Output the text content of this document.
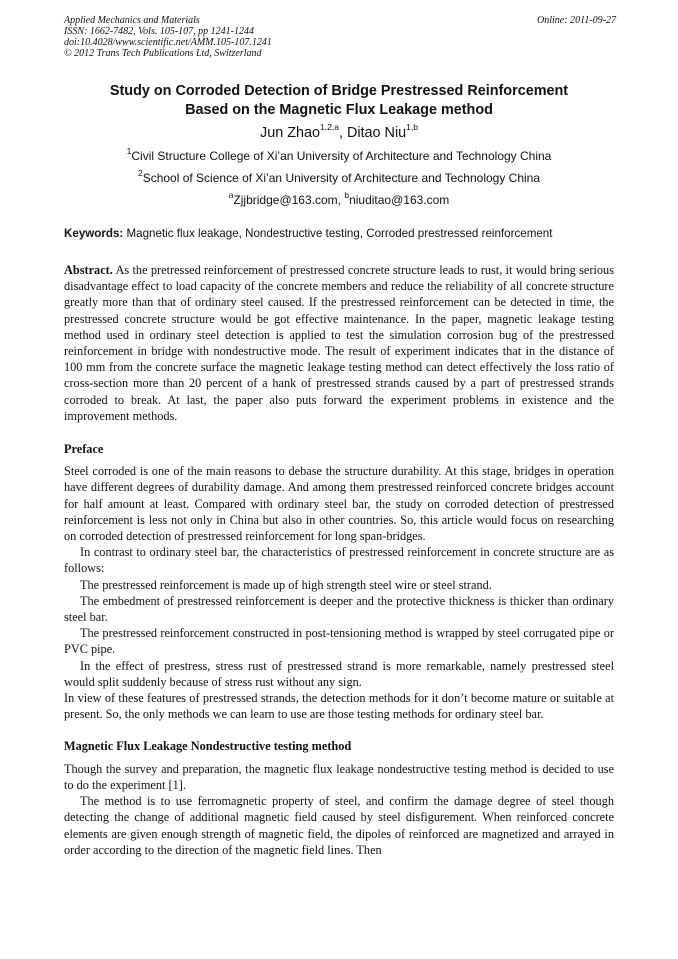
Applied Mechanics and Materials
ISSN: 1662-7482, Vols. 105-107, pp 1241-1244
doi:10.4028/www.scientific.net/AMM.105-107.1241
© 2012 Trans Tech Publications Ltd, Switzerland
Online: 2011-09-27
Study on Corroded Detection of Bridge Prestressed Reinforcement
Based on the Magnetic Flux Leakage method
Jun Zhao$^{1,2,a}$, Ditao Niu$^{1,b}$
$^1$Civil Structure College of Xi’an University of Architecture and Technology China
$^2$School of Science of Xi’an University of Architecture and Technology China
$^a$Zjjbridge@163.com, $^b$niuditao@163.com
Keywords: Magnetic flux leakage, Nondestructive testing, Corroded prestressed reinforcement

Abstract. As the pretressed reinforcement of prestressed concrete structure leads to rust, it would bring serious disadvantage effect to load capacity of the concrete members and reduce the reliability of all concrete structure greatly more than that of ordinary steel caused. If the prestressed reinforcement can be detected in time, the prestressed concrete structure would be got effective maintenance. In the paper, magnetic leakage testing method used in ordinary steel detection is applied to test the simulation corrosion bug of the prestressed reinforcement in bridge with nondestructive mode. The result of experiment indicates that in the distance of 100 mm from the concrete surface the magnetic leakage testing method can detect effectively the loss ratio of cross-section more than 20 percent of a hank of prestressed strands caused by a part of prestressed strands corroded to break. At last, the paper also puts forward the experiment problems in existence and the improvement methods.

Preface

Steel corroded is one of the main reasons to debase the structure durability. At this stage, bridges in operation have different degrees of durability damage. And among them prestressed reinforced concrete bridges account for half amount at least. Compared with ordinary steel bar, the study on corroded detection of prestressed reinforcement is less not only in China but also in other countries. So, this article would focus on researching on corroded detection of prestressed reinforcement for long span-bridges.

In contrast to ordinary steel bar, the characteristics of prestressed reinforcement in concrete structure are as follows:

The prestressed reinforcement is made up of high strength steel wire or steel strand.

The embedment of prestressed reinforcement is deeper and the protective thickness is thicker than ordinary steel bar.

The prestressed reinforcement constructed in post-tensioning method is wrapped by steel corrugated pipe or PVC pipe.

In the effect of prestress, stress rust of prestressed strand is more remarkable, namely prestressed steel would split suddenly because of stress rust without any sign.

In view of these features of prestressed strands, the detection methods for it don’t become mature or suitable at present. So, the only methods we can learn to use are those testing methods for ordinary steel bar.

Magnetic Flux Leakage Nondestructive testing method

Though the survey and preparation, the magnetic flux leakage nondestructive testing method is decided to use to do the experiment [1].

The method is to use ferromagnetic property of steel, and confirm the damage degree of steel though detecting the change of additional magnetic field caused by steel disfigurement. When reinforced concrete elements are given enough strength of magnetic field, the dipoles of reinforced are magnetized and arrayed in order according to the direction of the magnetic field lines. Then
